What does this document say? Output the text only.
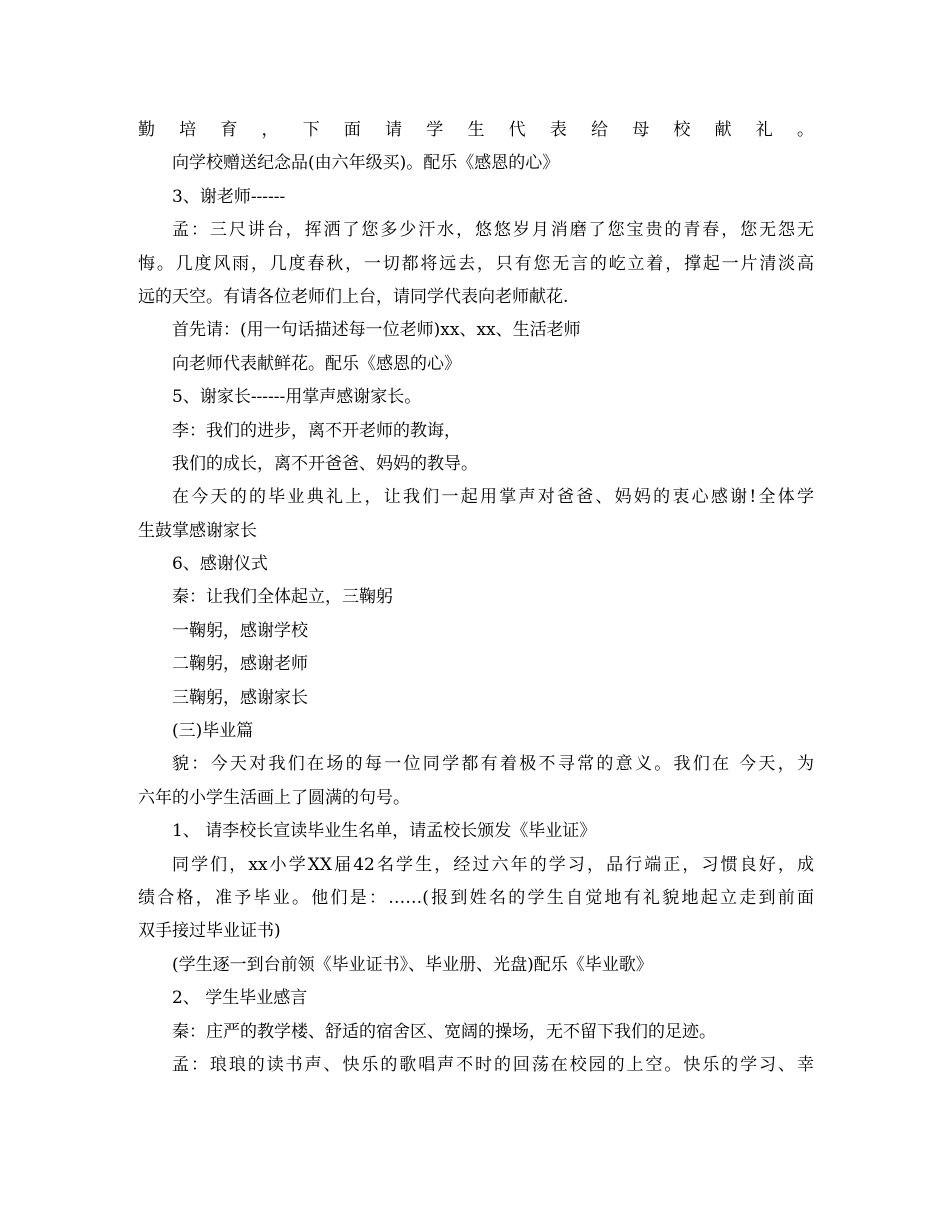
勤培育，下面请学生代表给母校献礼。
向学校赠送纪念品(由六年级买)。配乐《感恩的心》
3、谢老师------
孟：三尺讲台，挥洒了您多少汗水，悠悠岁月消磨了您宝贵的青春，您无怨无
悔。几度风雨，几度春秋，一切都将远去，只有您无言的屹立着，撑起一片清淡高
远的天空。有请各位老师们上台，请同学代表向老师献花.
首先请：(用一句话描述每一位老师)xx、xx、生活老师
向老师代表献鲜花。配乐《感恩的心》
5、谢家长------用掌声感谢家长。
李：我们的进步，离不开老师的教诲，
我们的成长，离不开爸爸、妈妈的教导。
在今天的的毕业典礼上，让我们一起用掌声对爸爸、妈妈的衷心感谢!全体学
生鼓掌感谢家长
6、感谢仪式
秦：让我们全体起立，三鞠躬
一鞠躬，感谢学校
二鞠躬，感谢老师
三鞠躬，感谢家长
(三)毕业篇
貌：今天对我们在场的每一位同学都有着极不寻常的意义。我们在 今天，为
六年的小学生活画上了圆满的句号。
1、 请李校长宣读毕业生名单，请孟校长颁发《毕业证》
同学们，xx小学XX届42名学生，经过六年的学习，品行端正，习惯良好，成
绩合格，准予毕业。他们是：……(报到姓名的学生自觉地有礼貌地起立走到前面
双手接过毕业证书)
(学生逐一到台前领《毕业证书》、毕业册、光盘)配乐《毕业歌》
2、 学生毕业感言
秦：庄严的教学楼、舒适的宿舍区、宽阔的操场，无不留下我们的足迹。
孟：琅琅的读书声、快乐的歌唱声不时的回荡在校园的上空。快乐的学习、幸
